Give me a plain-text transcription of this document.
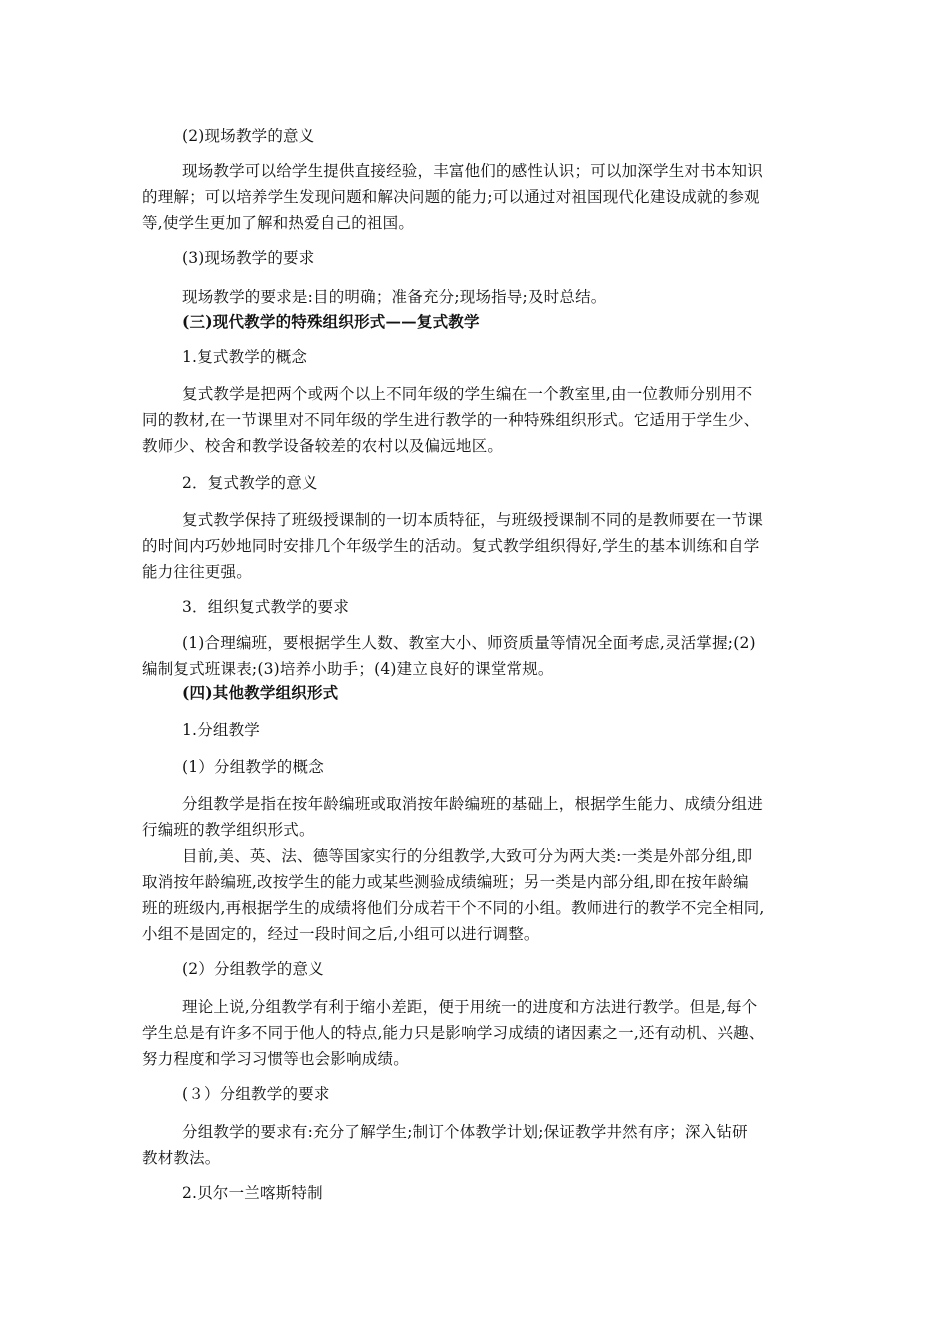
(2)现场教学的意义
现场教学可以给学生提供直接经验，丰富他们的感性认识；可以加深学生对书本知识
的理解；可以培养学生发现问题和解决问题的能力;可以通过对祖国现代化建设成就的参观
等,使学生更加了解和热爱自己的祖国。
(3)现场教学的要求
现场教学的要求是:目的明确；准备充分;现场指导;及时总结。
(三)现代教学的特殊组织形式——复式教学
1.复式教学的概念
复式教学是把两个或两个以上不同年级的学生编在一个教室里,由一位教师分别用不
同的教材,在一节课里对不同年级的学生进行教学的一种特殊组织形式。它适用于学生少、
教师少、校舍和教学设备较差的农村以及偏远地区。
2．复式教学的意义
复式教学保持了班级授课制的一切本质特征，与班级授课制不同的是教师要在一节课
的时间内巧妙地同时安排几个年级学生的活动。复式教学组织得好,学生的基本训练和自学
能力往往更强。
3．组织复式教学的要求
(1)合理编班，要根据学生人数、教室大小、师资质量等情况全面考虑,灵活掌握;(2)
编制复式班课表;(3)培养小助手；(4)建立良好的课堂常规。
(四)其他教学组织形式
1.分组教学
(1）分组教学的概念
分组教学是指在按年龄编班或取消按年龄编班的基础上，根据学生能力、成绩分组进
行编班的教学组织形式。
目前,美、英、法、德等国家实行的分组教学,大致可分为两大类:一类是外部分组,即
取消按年龄编班,改按学生的能力或某些测验成绩编班；另一类是内部分组,即在按年龄编
班的班级内,再根据学生的成绩将他们分成若干个不同的小组。教师进行的教学不完全相同,
小组不是固定的，经过一段时间之后,小组可以进行调整。
(2）分组教学的意义
理论上说,分组教学有利于缩小差距，便于用统一的进度和方法进行教学。但是,每个
学生总是有许多不同于他人的特点,能力只是影响学习成绩的诸因素之一,还有动机、兴趣、
努力程度和学习习惯等也会影响成绩。
(３）分组教学的要求
分组教学的要求有:充分了解学生;制订个体教学计划;保证教学井然有序；深入钻研
教材教法。
2.贝尔一兰喀斯特制
